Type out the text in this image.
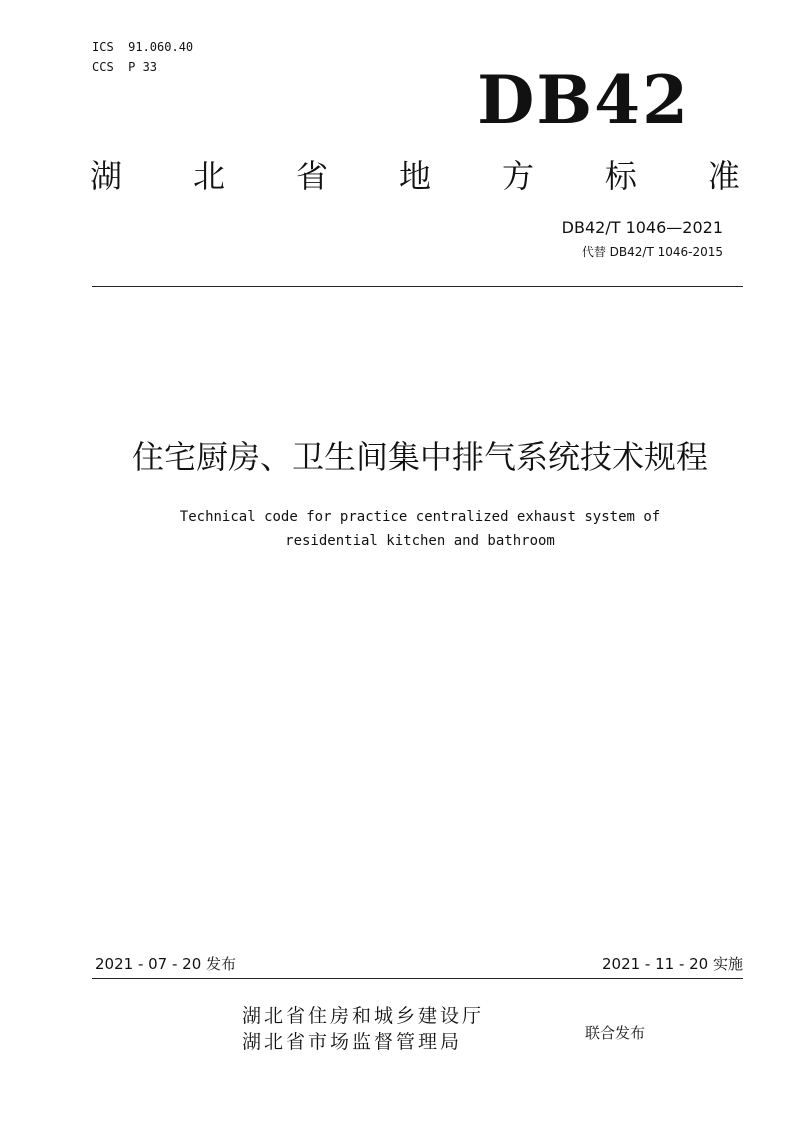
ICS  91.060.40
CCS  P 33	DB42
湖 北 省 地 方 标 准
DB42/T 1046—2021
代替 DB42/T 1046-2015
住宅厨房、卫生间集中排气系统技术规程
Technical code for practice centralized exhaust system of
residential kitchen and bathroom
2021 - 07 - 20 发布	2021 - 11 - 20 实施
湖北省住房和城乡建设厅
湖北省市场监督管理局	联合发布
